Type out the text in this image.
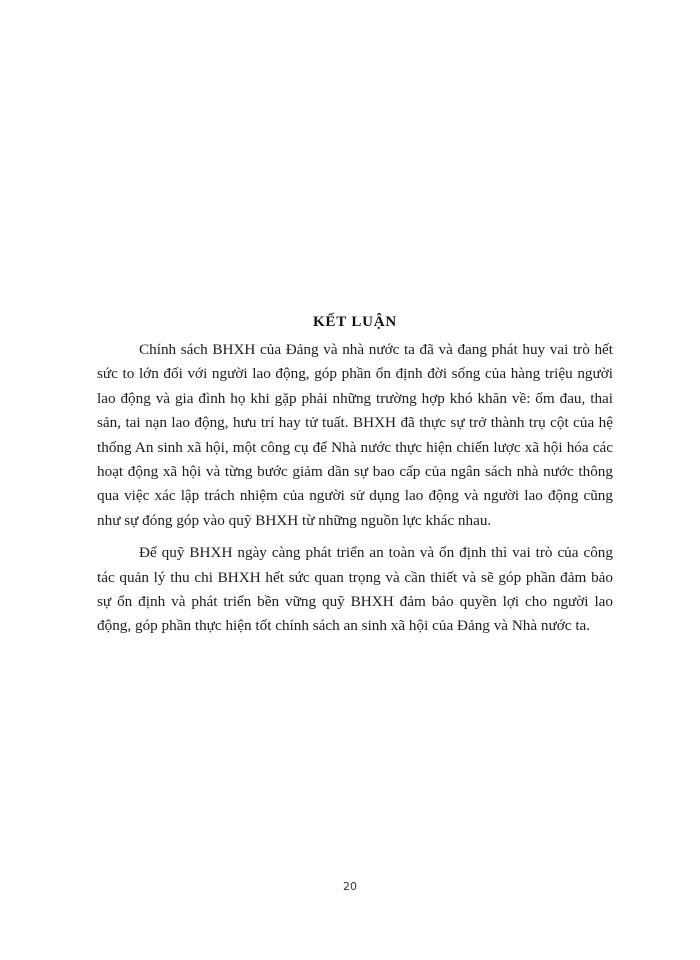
KẾT LUẬN

Chính sách BHXH của Đảng và nhà nước ta đã và đang phát huy vai trò hết sức to lớn đối với người lao động, góp phần ổn định đời sống của hàng triệu người lao động và gia đình họ khi gặp phải những trường hợp khó khăn về: ốm đau, thai sản, tai nạn lao động, hưu trí hay tử tuất. BHXH đã thực sự trở thành trụ cột của hệ thống An sinh xã hội, một công cụ để Nhà nước thực hiện chiến lược xã hội hóa các hoạt động xã hội và từng bước giảm dần sự bao cấp của ngân sách nhà nước thông qua việc xác lập trách nhiệm của người sử dụng lao động và người lao động cũng như sự đóng góp vào quỹ BHXH từ những nguồn lực khác nhau.

Để quỹ BHXH ngày càng phát triển an toàn và ổn định thì vai trò của công tác quản lý thu chi BHXH hết sức quan trọng và cần thiết và sẽ góp phần đảm bảo sự ổn định và phát triển bền vững quỹ BHXH đảm bảo quyền lợi cho người lao động, góp phần thực hiện tốt chính sách an sinh xã hội của Đảng và Nhà nước ta.

20
